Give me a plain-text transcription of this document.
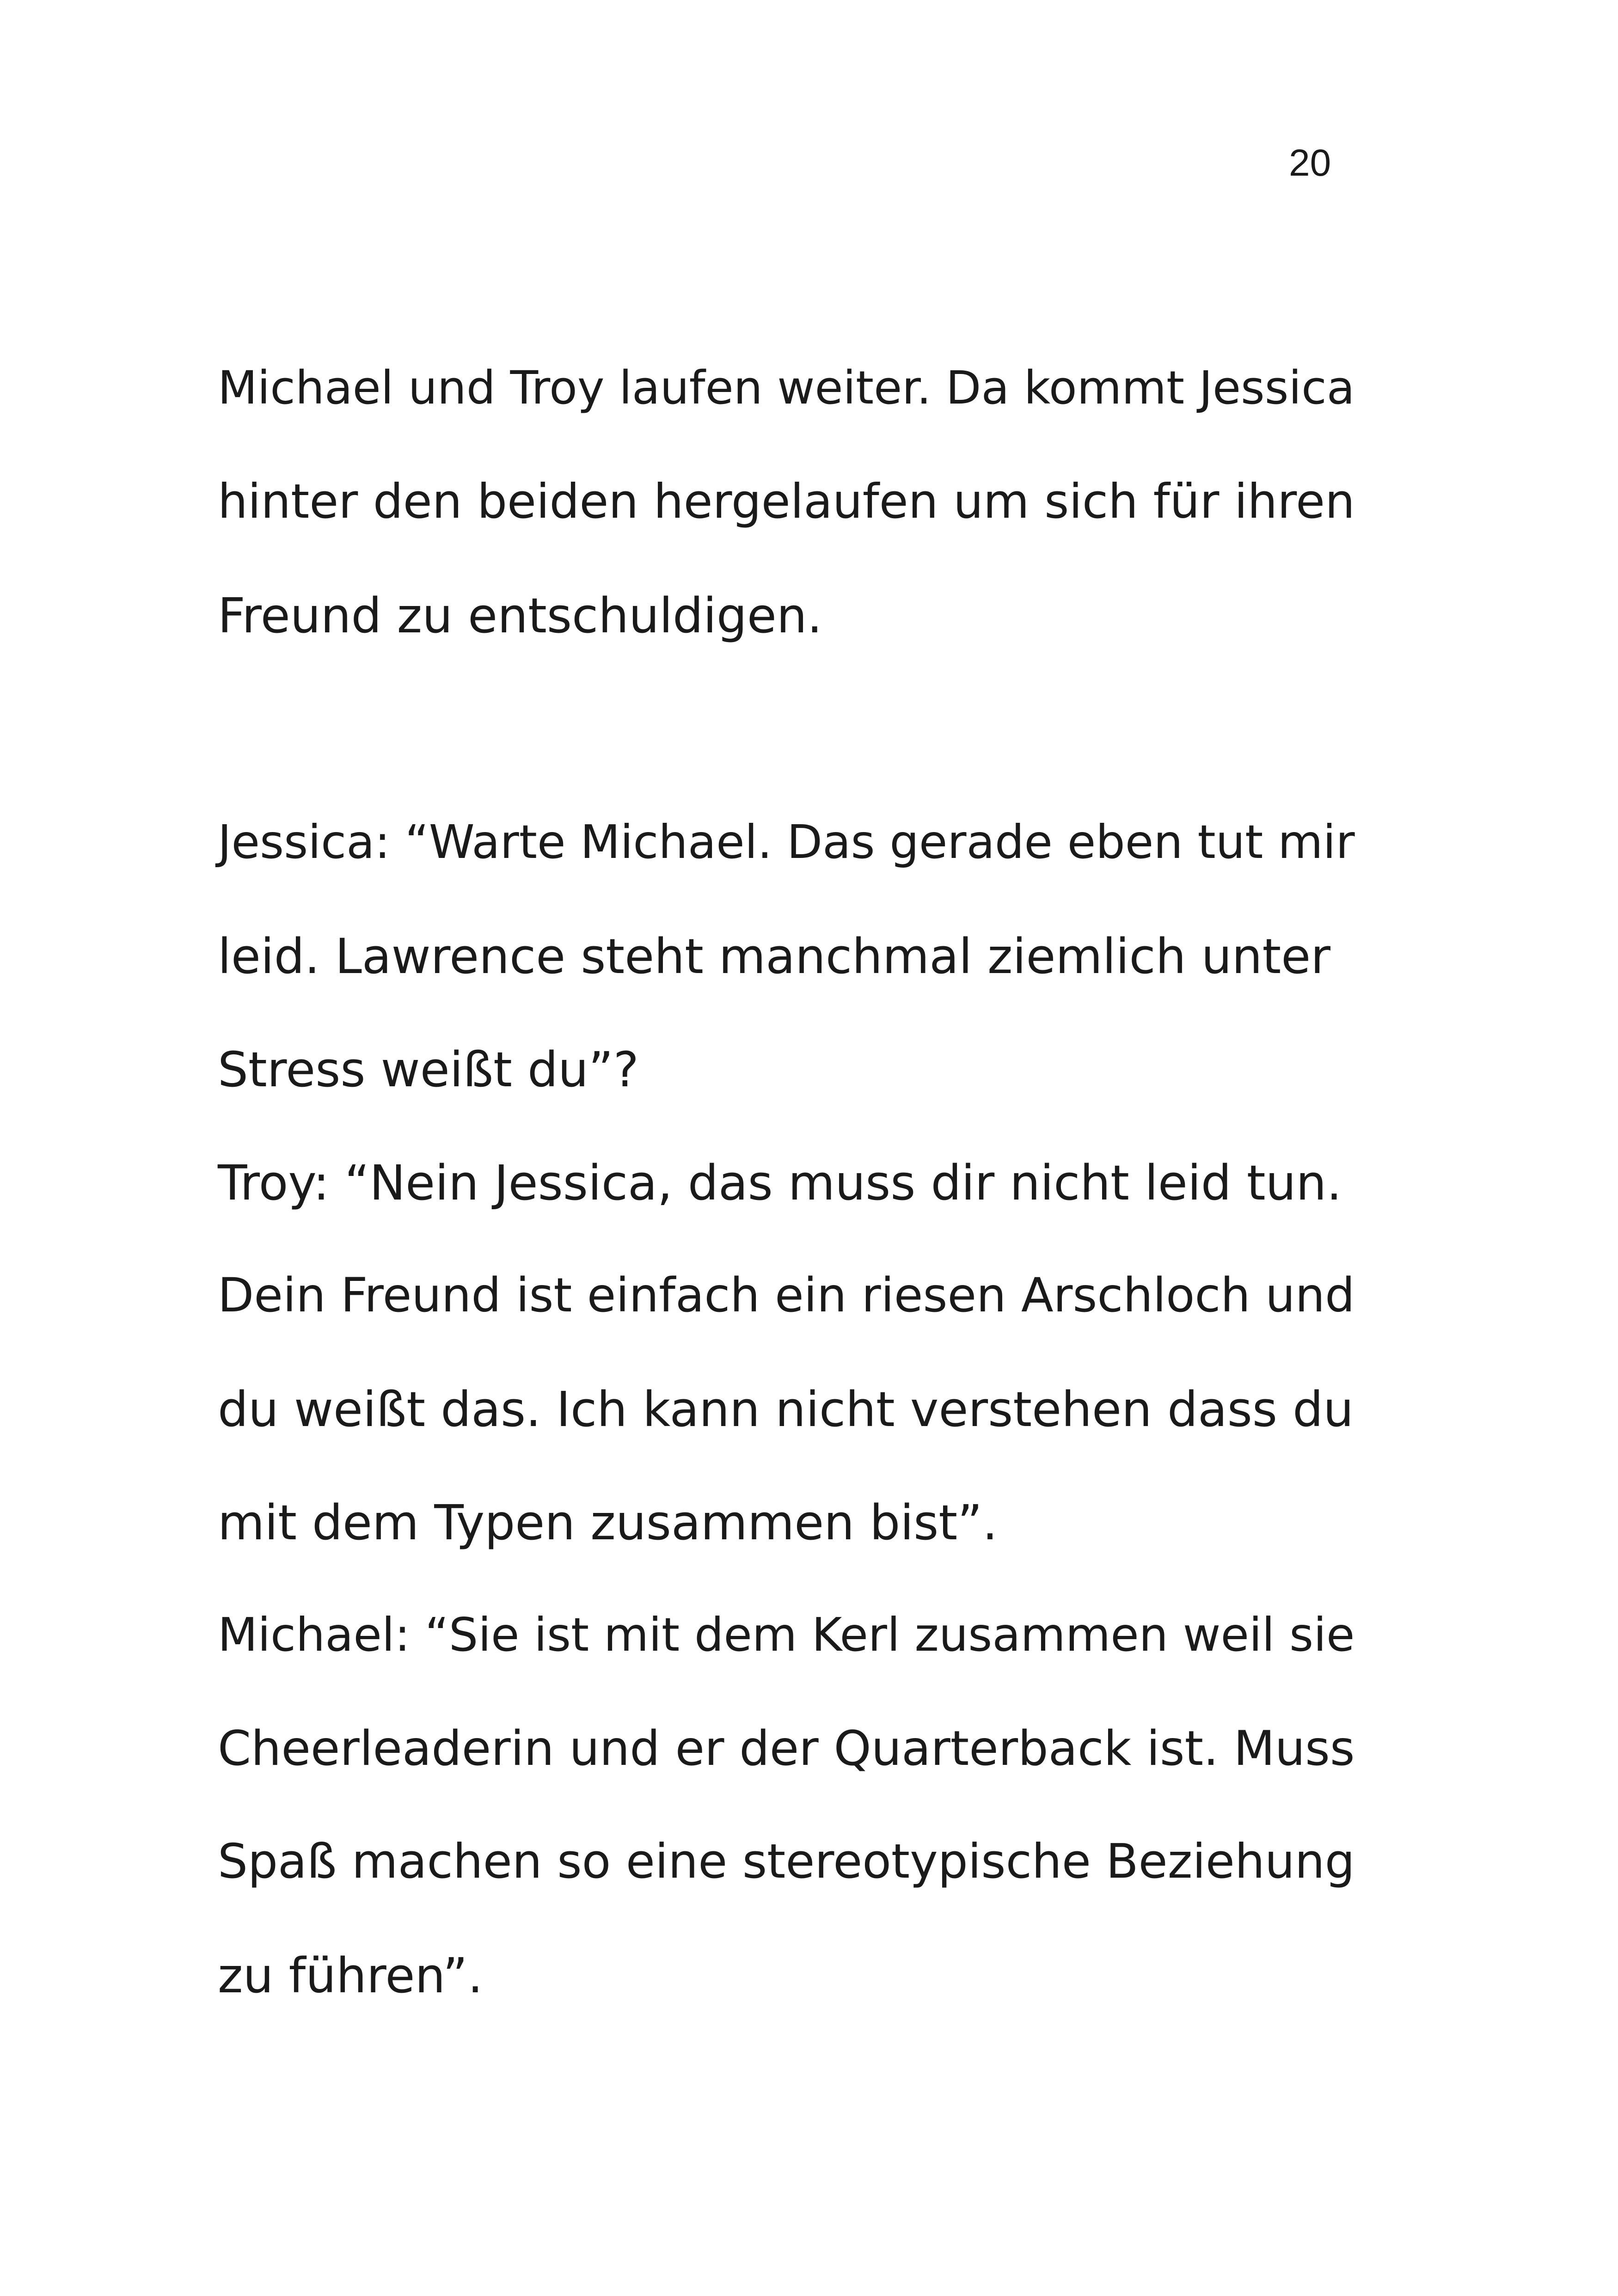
20
Michael und Troy laufen weiter. Da kommt Jessica
hinter den beiden hergelaufen um sich für ihren
Freund zu entschuldigen.
Jessica: “Warte Michael. Das gerade eben tut mir
leid. Lawrence steht manchmal ziemlich unter
Stress weißt du”?
Troy: “Nein Jessica, das muss dir nicht leid tun.
Dein Freund ist einfach ein riesen Arschloch und
du weißt das. Ich kann nicht verstehen dass du
mit dem Typen zusammen bist”.
Michael: “Sie ist mit dem Kerl zusammen weil sie
Cheerleaderin und er der Quarterback ist. Muss
Spaß machen so eine stereotypische Beziehung
zu führen”.
